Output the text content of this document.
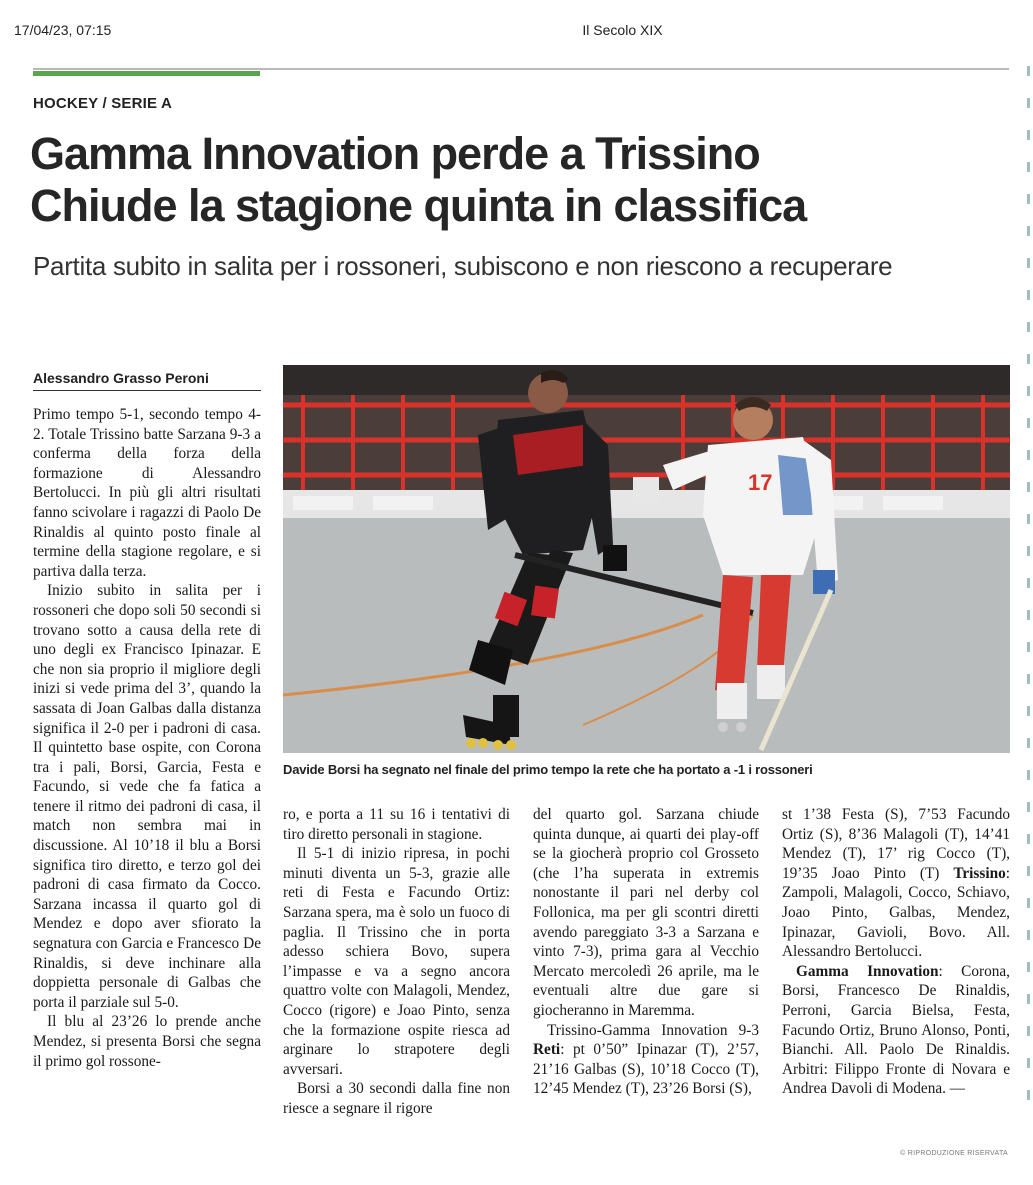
17/04/23, 07:15	Il Secolo XIX
HOCKEY / SERIE A
Gamma Innovation perde a Trissino
Chiude la stagione quinta in classifica
Partita subito in salita per i rossoneri, subiscono e non riescono a recuperare
Alessandro Grasso Peroni

Primo tempo 5-1, secondo tempo 4-2. Totale Trissino batte Sarzana 9-3 a conferma della forza della formazione di Alessandro Bertolucci. In più gli altri risultati fanno scivolare i ragazzi di Paolo De Rinaldis al quinto posto finale al termine della stagione regolare, e si partiva dalla terza.

Inizio subito in salita per i rossoneri che dopo soli 50 secondi si trovano sotto a causa della rete di uno degli ex Francisco Ipinazar. E che non sia proprio il migliore degli inizi si vede prima del 3’, quando la sassata di Joan Galbas dalla distanza significa il 2-0 per i padroni di casa. Il quintetto base ospite, con Corona tra i pali, Borsi, Garcia, Festa e Facundo, si vede che fa fatica a tenere il ritmo dei padroni di casa, il match non sembra mai in discussione. Al 10’18 il blu a Borsi significa tiro diretto, e terzo gol dei padroni di casa firmato da Cocco. Sarzana incassa il quarto gol di Mendez e dopo aver sfiorato la segnatura con Garcia e Francesco De Rinaldis, si deve inchinare alla doppietta personale di Galbas che porta il parziale sul 5-0.

Il blu al 23’26 lo prende anche Mendez, si presenta Borsi che segna il primo gol rossone-

17
Davide Borsi ha segnato nel finale del primo tempo la rete che ha portato a -1 i rossoneri

ro, e porta a 11 su 16 i tentativi di tiro diretto personali in stagione.

Il 5-1 di inizio ripresa, in pochi minuti diventa un 5-3, grazie alle reti di Festa e Facundo Ortiz: Sarzana spera, ma è solo un fuoco di paglia. Il Trissino che in porta adesso schiera Bovo, supera l’impasse e va a segno ancora quattro volte con Malagoli, Mendez, Cocco (rigore) e Joao Pinto, senza che la formazione ospite riesca ad arginare lo strapotere degli avversari.

Borsi a 30 secondi dalla fine non riesce a segnare il rigore

del quarto gol. Sarzana chiude quinta dunque, ai quarti dei play-off se la giocherà proprio col Grosseto (che l’ha superata in extremis nonostante il pari nel derby col Follonica, ma per gli scontri diretti avendo pareggiato 3-3 a Sarzana e vinto 7-3), prima gara al Vecchio Mercato mercoledì 26 aprile, ma le eventuali altre due gare si giocheranno in Maremma.

Trissino-Gamma Innovation 9-3 Reti: pt 0’50” Ipinazar (T), 2’57, 21’16 Galbas (S), 10’18 Cocco (T), 12’45 Mendez (T), 23’26 Borsi (S),

st 1’38 Festa (S), 7’53 Facundo Ortiz (S), 8’36 Malagoli (T), 14’41 Mendez (T), 17’ rig Cocco (T), 19’35 Joao Pinto (T) Trissino: Zampoli, Malagoli, Cocco, Schiavo, Joao Pinto, Galbas, Mendez, Ipinazar, Gavioli, Bovo. All. Alessandro Bertolucci.

Gamma Innovation: Corona, Borsi, Francesco De Rinaldis, Perroni, Garcia Bielsa, Festa, Facundo Ortiz, Bruno Alonso, Ponti, Bianchi. All. Paolo De Rinaldis. Arbitri: Filippo Fronte di Novara e Andrea Davoli di Modena. —

© RIPRODUZIONE RISERVATA
